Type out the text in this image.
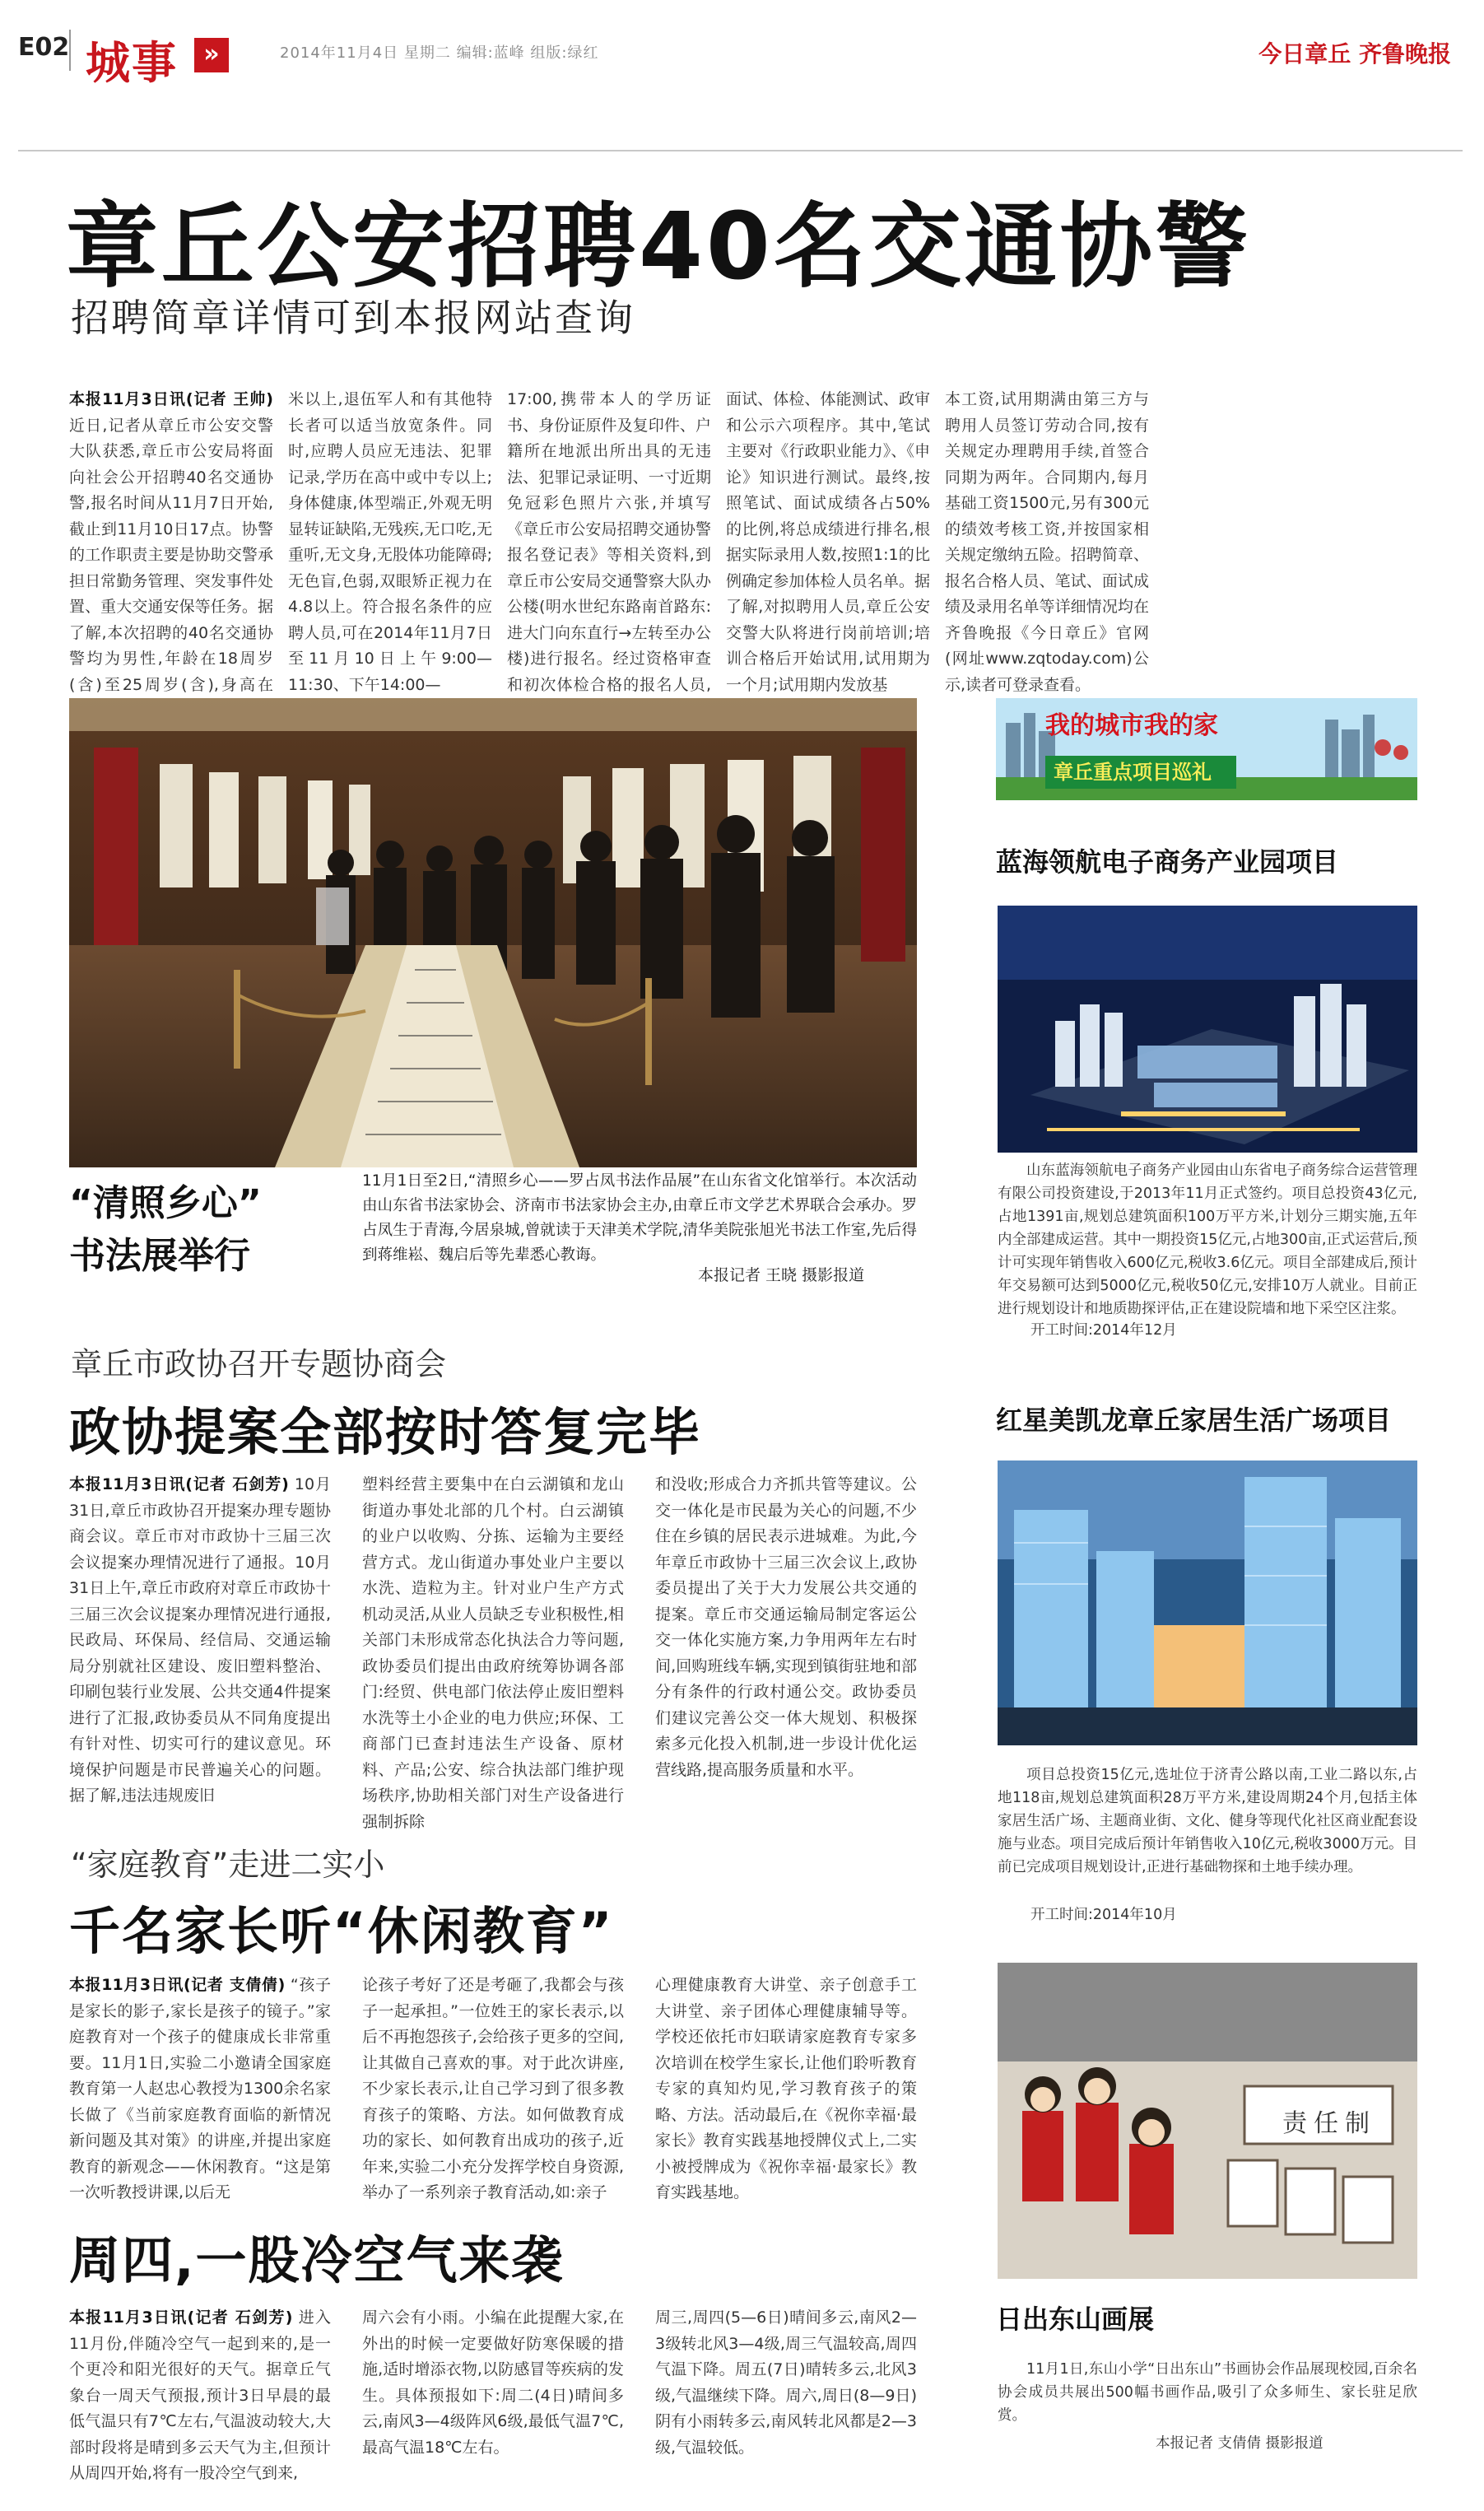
E02 城事	»	2014年11月4日 星期二 编辑:蓝峰 组版:绿红	今日章丘 齐鲁晚报
章丘公安招聘40名交通协警
招聘简章详情可到本报网站查询
本报11月3日讯(记者 王帅) 近日,记者从章丘市公安交警大队获悉,章丘市公安局将面向社会公开招聘40名交通协警,报名时间从11月7日开始,截止到11月10日17点。协警的工作职责主要是协助交警承担日常勤务管理、突发事件处置、重大交通安保等任务。据了解,本次招聘的40名交通协警均为男性,年龄在18周岁(含)至25周岁(含),身高在
米以上,退伍军人和有其他特长者可以适当放宽条件。同时,应聘人员应无违法、犯罪记录,学历在高中或中专以上;身体健康,体型端正,外观无明显转证缺陷,无残疾,无口吃,无重听,无文身,无股体功能障碍;无色盲,色弱,双眼矫正视力在4.8以上。符合报名条件的应聘人员,可在2014年11月7日至11月10日上午9:00—11:30、下午14:00—
17:00,携带本人的学历证书、身份证原件及复印件、户籍所在地派出所出具的无违法、犯罪记录证明、一寸近期免冠彩色照片六张,并填写《章丘市公安局招聘交通协警报名登记表》等相关资料,到章丘市公安局交通警察大队办公楼(明水世纪东路南首路东:进大门向东直行→左转至办公楼)进行报名。经过资格审查和初次体检合格的报名人员,
面试、体检、体能测试、政审和公示六项程序。其中,笔试主要对《行政职业能力》、《申论》知识进行测试。最终,按照笔试、面试成绩各占50%的比例,将总成绩进行排名,根据实际录用人数,按照1:1的比例确定参加体检人员名单。据了解,对拟聘用人员,章丘公安交警大队将进行岗前培训;培训合格后开始试用,试用期为一个月;试用期内发放基
本工资,试用期满由第三方与聘用人员签订劳动合同,按有关规定办理聘用手续,首签合同期为两年。合同期内,每月基础工资1500元,另有300元的绩效考核工资,并按国家相关规定缴纳五险。招聘简章、报名合格人员、笔试、面试成绩及录用名单等详细情况均在齐鲁晚报《今日章丘》官网(网址www.zqtoday.com)公示,读者可登录查看。
“清照乡心”
书法展举行
11月1日至2日,“清照乡心——罗占凤书法作品展”在山东省文化馆举行。本次活动由山东省书法家协会、济南市书法家协会主办,由章丘市文学艺术界联合会承办。罗占凤生于青海,今居泉城,曾就读于天津美术学院,清华美院张旭光书法工作室,先后得到蒋维崧、魏启后等先辈悉心教诲。
本报记者 王晓 摄影报道
章丘市政协召开专题协商会
政协提案全部按时答复完毕
本报11月3日讯(记者 石剑芳) 10月31日,章丘市政协召开提案办理专题协商会议。章丘市对市政协十三届三次会议提案办理情况进行了通报。10月31日上午,章丘市政府对章丘市政协十三届三次会议提案办理情况进行通报,民政局、环保局、经信局、交通运输局分别就社区建设、废旧塑料整治、印刷包装行业发展、公共交通4件提案进行了汇报,政协委员从不同角度提出有针对性、切实可行的建议意见。环境保护问题是市民普遍关心的问题。据了解,违法违规废旧
塑料经营主要集中在白云湖镇和龙山街道办事处北部的几个村。白云湖镇的业户以收购、分拣、运输为主要经营方式。龙山街道办事处业户主要以水洗、造粒为主。针对业户生产方式机动灵活,从业人员缺乏专业积极性,相关部门未形成常态化执法合力等问题,政协委员们提出由政府统筹协调各部门:经贸、供电部门依法停止废旧塑料水洗等土小企业的电力供应;环保、工商部门已查封违法生产设备、原材料、产品;公安、综合执法部门维护现场秩序,协助相关部门对生产设备进行强制拆除
和没收;形成合力齐抓共管等建议。公交一体化是市民最为关心的问题,不少住在乡镇的居民表示进城难。为此,今年章丘市政协十三届三次会议上,政协委员提出了关于大力发展公共交通的提案。章丘市交通运输局制定客运公交一体化实施方案,力争用两年左右时间,回购班线车辆,实现到镇街驻地和部分有条件的行政村通公交。政协委员们建议完善公交一体大规划、积极探索多元化投入机制,进一步设计优化运营线路,提高服务质量和水平。
“家庭教育”走进二实小
千名家长听“休闲教育”
本报11月3日讯(记者 支倩倩) “孩子是家长的影子,家长是孩子的镜子。”家庭教育对一个孩子的健康成长非常重要。11月1日,实验二小邀请全国家庭教育第一人赵忠心教授为1300余名家长做了《当前家庭教育面临的新情况新问题及其对策》的讲座,并提出家庭教育的新观念——休闲教育。“这是第一次听教授讲课,以后无
论孩子考好了还是考砸了,我都会与孩子一起承担。”一位姓王的家长表示,以后不再抱怨孩子,会给孩子更多的空间,让其做自己喜欢的事。对于此次讲座,不少家长表示,让自己学习到了很多教育孩子的策略、方法。如何做教育成功的家长、如何教育出成功的孩子,近年来,实验二小充分发挥学校自身资源,举办了一系列亲子教育活动,如:亲子
心理健康教育大讲堂、亲子创意手工大讲堂、亲子团体心理健康辅导等。学校还依托市妇联请家庭教育专家多次培训在校学生家长,让他们聆听教育专家的真知灼见,学习教育孩子的策略、方法。活动最后,在《祝你幸福·最家长》教育实践基地授牌仪式上,二实小被授牌成为《祝你幸福·最家长》教育实践基地。
周四,一股冷空气来袭
本报11月3日讯(记者 石剑芳) 进入11月份,伴随冷空气一起到来的,是一个更冷和阳光很好的天气。据章丘气象台一周天气预报,预计3日早晨的最低气温只有7℃左右,气温波动较大,大部时段将是晴到多云天气为主,但预计从周四开始,将有一股冷空气到来,
周六会有小雨。小编在此提醒大家,在外出的时候一定要做好防寒保暖的措施,适时增添衣物,以防感冒等疾病的发生。具体预报如下:周二(4日)晴间多云,南风3—4级阵风6级,最低气温7℃,最高气温18℃左右。
周三,周四(5—6日)晴间多云,南风2—3级转北风3—4级,周三气温较高,周四气温下降。周五(7日)晴转多云,北风3级,气温继续下降。周六,周日(8—9日)阴有小雨转多云,南风转北风都是2—3级,气温较低。
我的城市我的家
章丘重点项目巡礼
蓝海领航电子商务产业园项目
山东蓝海领航电子商务产业园由山东省电子商务综合运营管理有限公司投资建设,于2013年11月正式签约。项目总投资43亿元,占地1391亩,规划总建筑面积100万平方米,计划分三期实施,五年内全部建成运营。其中一期投资15亿元,占地300亩,正式运营后,预计可实现年销售收入600亿元,税收3.6亿元。项目全部建成后,预计年交易额可达到5000亿元,税收50亿元,安排10万人就业。目前正进行规划设计和地质勘探评估,正在建设院墙和地下采空区注浆。
开工时间:2014年12月
红星美凯龙章丘家居生活广场项目
项目总投资15亿元,选址位于济青公路以南,工业二路以东,占地118亩,规划总建筑面积28万平方米,建设周期24个月,包括主体家居生活广场、主题商业街、文化、健身等现代化社区商业配套设施与业态。项目完成后预计年销售收入10亿元,税收3000万元。目前已完成项目规划设计,正进行基础物探和土地手续办理。
开工时间:2014年10月
责任制
日出东山画展
11月1日,东山小学“日出东山”书画协会作品展现校园,百余名协会成员共展出500幅书画作品,吸引了众多师生、家长驻足欣赏。
本报记者 支倩倩 摄影报道
